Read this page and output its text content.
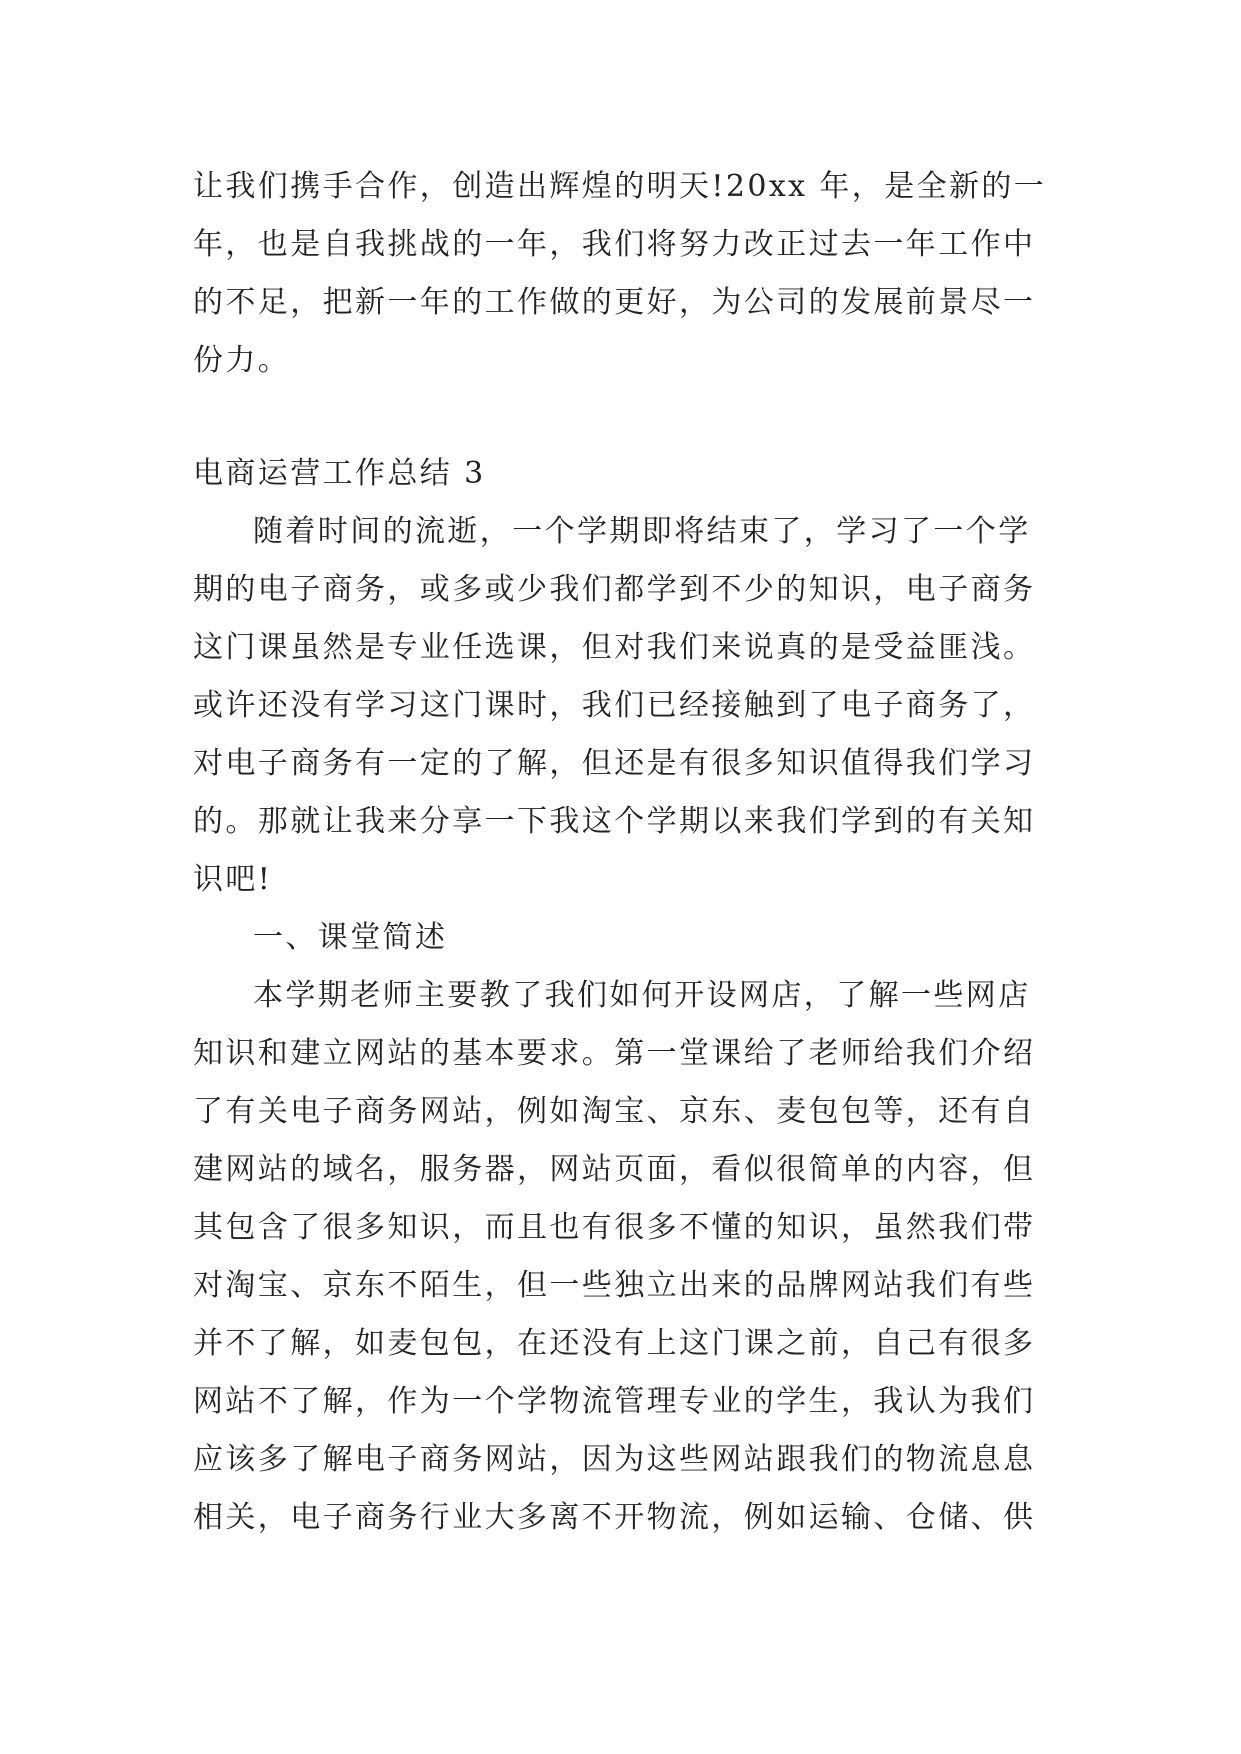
让我们携手合作，创造出辉煌的明天!20xx 年，是全新的一
年，也是自我挑战的一年，我们将努力改正过去一年工作中
的不足，把新一年的工作做的更好，为公司的发展前景尽一
份力。
电商运营工作总结 3
随着时间的流逝，一个学期即将结束了，学习了一个学
期的电子商务，或多或少我们都学到不少的知识，电子商务
这门课虽然是专业任选课，但对我们来说真的是受益匪浅。
或许还没有学习这门课时，我们已经接触到了电子商务了，
对电子商务有一定的了解，但还是有很多知识值得我们学习
的。那就让我来分享一下我这个学期以来我们学到的有关知
识吧!
一、课堂简述
本学期老师主要教了我们如何开设网店，了解一些网店
知识和建立网站的基本要求。第一堂课给了老师给我们介绍
了有关电子商务网站，例如淘宝、京东、麦包包等，还有自
建网站的域名，服务器，网站页面，看似很简单的内容，但
其包含了很多知识，而且也有很多不懂的知识，虽然我们带
对淘宝、京东不陌生，但一些独立出来的品牌网站我们有些
并不了解，如麦包包，在还没有上这门课之前，自己有很多
网站不了解，作为一个学物流管理专业的学生，我认为我们
应该多了解电子商务网站，因为这些网站跟我们的物流息息
相关，电子商务行业大多离不开物流，例如运输、仓储、供
